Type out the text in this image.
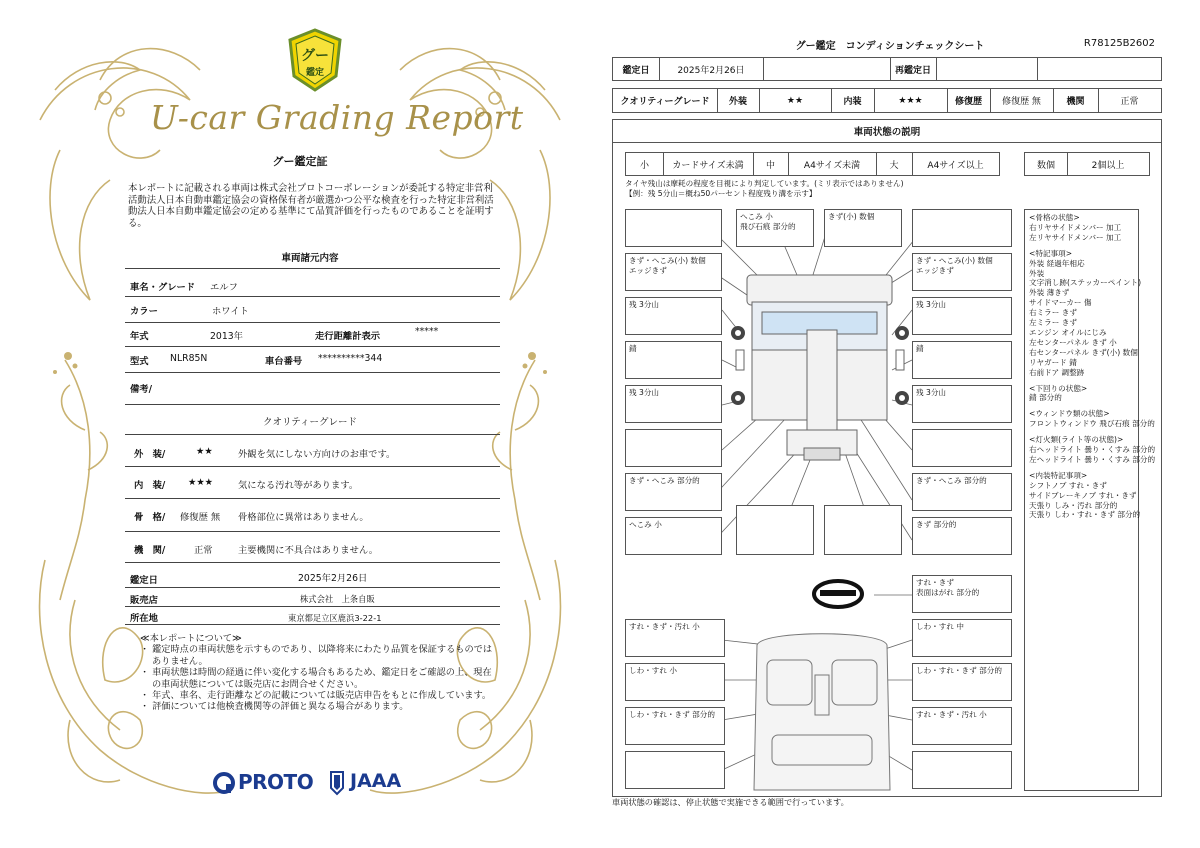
グー
鑑定
U-car Grading Report
グー鑑定証
本レポートに記載される車両は株式会社プロトコーポレーションが委託する特定非営利活動法人日本自動車鑑定協会の資格保有者が厳選かつ公平な検査を行った特定非営利活動法人日本自動車鑑定協会の定める基準にて品質評価を行ったものであることを証明する。
車両諸元内容
車名・グレード エルフ
カラー	ホワイト
年式	2013年	走行距離計表示	*****
型式 NLR85N	車台番号 **********344
備考/
クオリティーグレード
外　装/	★★	外観を気にしない方向けのお車です。
内　装/ ★★★	気になる汚れ等があります。
骨　格/ 修復歴 無 骨格部位に異常はありません。
機　関/	正常	主要機関に不具合はありません。
鑑定日	2025年2月26日
販売店	株式会社　上条自販
所在地	東京都足立区鹿浜3-22-1
≪本レポートについて≫
・ 鑑定時点の車両状態を示すものであり、以降将来にわたり品質を保証するものではありません。
・ 車両状態は時間の経過に伴い変化する場合もあるため、鑑定日をご確認の上、現在の車両状態については販売店にお問合せください。
・ 年式、車名、走行距離などの記載については販売店申告をもとに作成しています。
・ 評価については他検査機関等の評価と異なる場合があります。
PROTO JAAA
グー鑑定　コンディションチェックシート	R78125B2602
鑑定日	2025年2月26日	再鑑定日
クオリティーグレード	外装	★★	内装	★★★	修復歴	修復歴 無	機関	正常
車両状態の説明
小	カードサイズ未満	中	A4サイズ未満	大	A4サイズ以上	数個	2個以上
タイヤ残山は摩耗の程度を目視により判定しています。(ミリ表示ではありません)
【例：残 5分山＝概ね50パーセント程度残り溝を示す】
へこみ 小
飛び石痕 部分的
きず(小) 数個
きず・へこみ(小) 数個
エッジきず
きず・へこみ(小) 数個
エッジきず
残 3分山	残 3分山
錆	錆
残 3分山	残 3分山
きず・へこみ 部分的	きず・へこみ 部分的
へこみ 小	きず 部分的
すれ・きず
表面はがれ 部分的
すれ・きず・汚れ 小	しわ・すれ 中
しわ・すれ 小	しわ・すれ・きず 部分的
しわ・すれ・きず 部分的	すれ・きず・汚れ 小
<骨格の状態>
右リヤサイドメンバー 加工
左リヤサイドメンバー 加工
<特記事項>
外装 経過年相応
外装
文字消し跡(ステッカーペイント)
外装 薄きず
サイドマーカー 傷
右ミラー きず
左ミラー きず
エンジン オイルにじみ
左センターパネル きず 小
右センターパネル きず(小) 数個
リヤガード 錆
右前ドア 調整跡
<下回りの状態>
錆 部分的
<ウィンドウ類の状態>
フロントウィンドウ 飛び石痕 部分的
<灯火類(ライト等の状態)>
右ヘッドライト 曇り・くすみ 部分的
左ヘッドライト 曇り・くすみ 部分的
<内装特記事項>
シフトノブ すれ・きず
サイドブレーキノブ すれ・きず
天張り しみ・汚れ 部分的
天張り しわ・すれ・きず 部分的
車両状態の確認は、停止状態で実施できる範囲で行っています。
